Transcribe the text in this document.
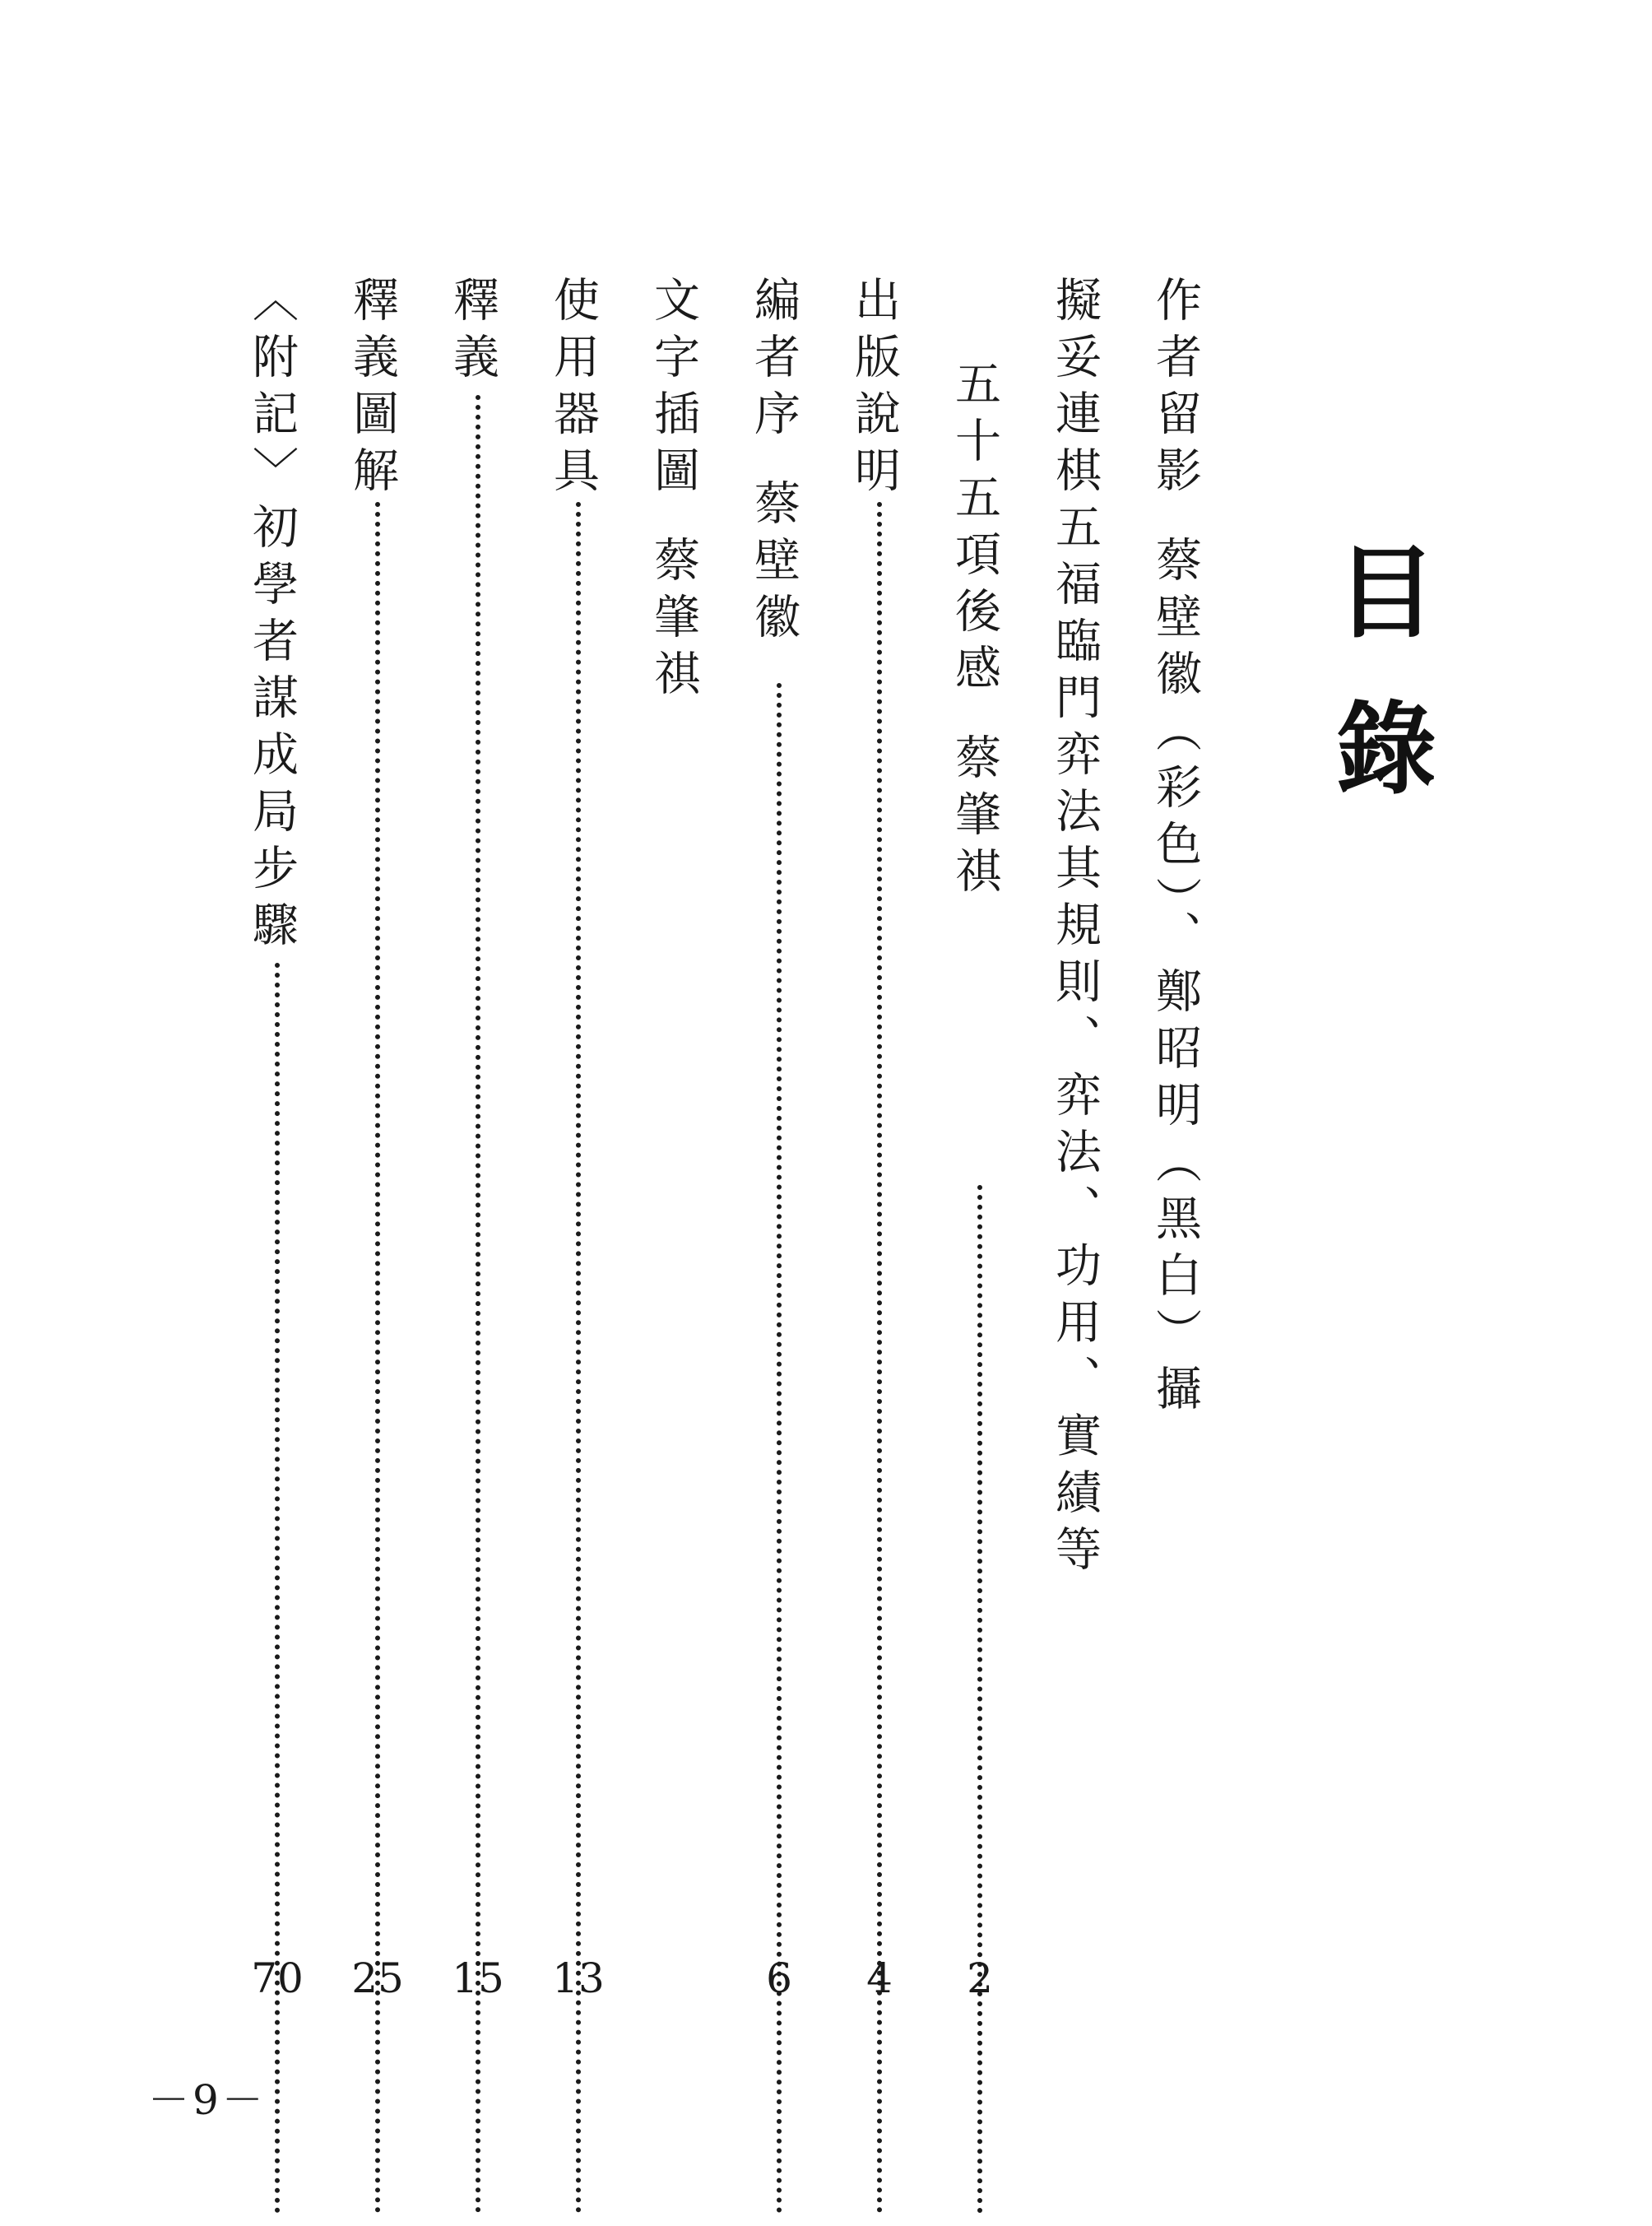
目
錄
作者留影
蔡壁徽（彩色）、鄭昭明（黑白）攝
擬妥連棋五福臨門弈法其規則、弈法、功用、實績等
五十五項後感
蔡肇祺
出版說明
編者序
蔡壁徽
文字插圖
蔡肇祺
使用器具
釋義
釋義圖解
〈附記〉初學者謀成局步驟
2
4
6
13
15
25
70
－9－
